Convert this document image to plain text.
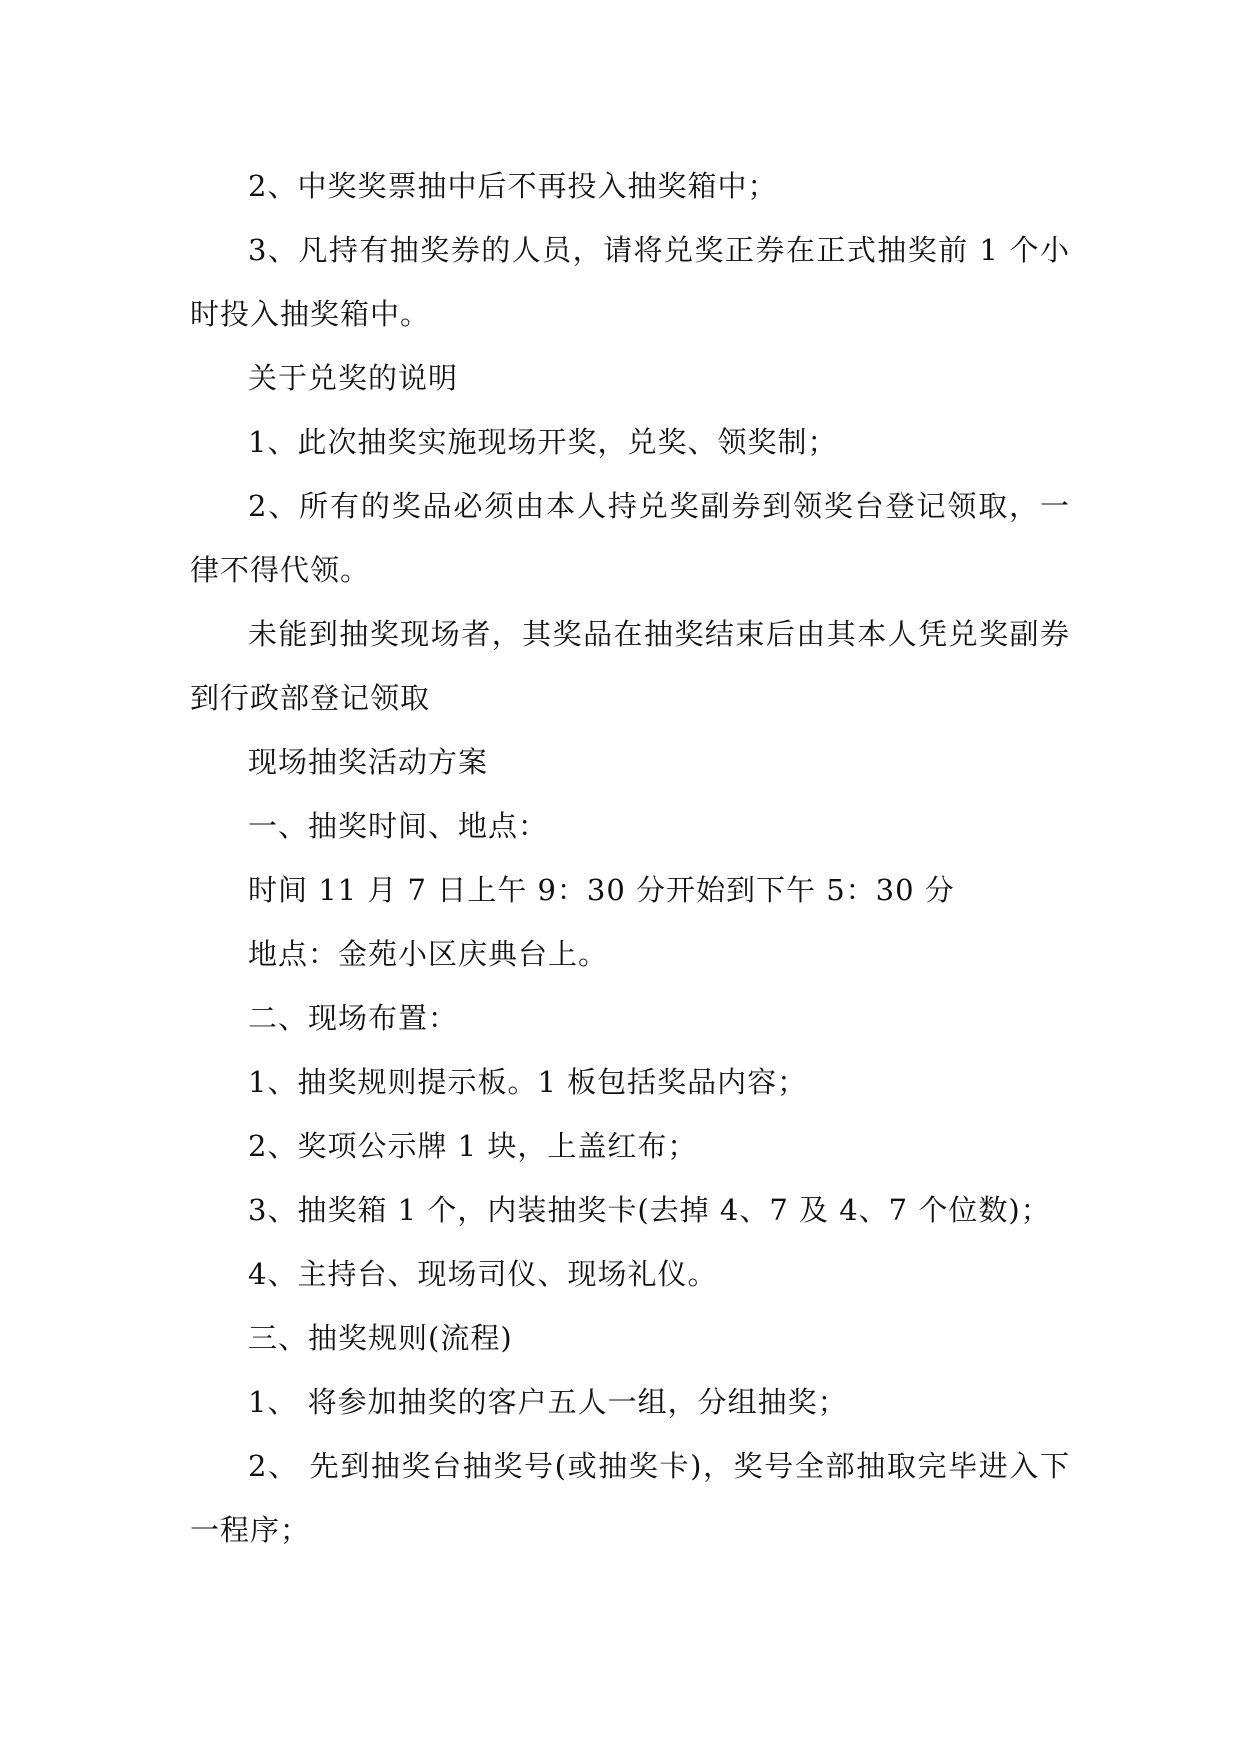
2、中奖奖票抽中后不再投入抽奖箱中；

3、凡持有抽奖券的人员，请将兑奖正券在正式抽奖前 1 个小时投入抽奖箱中。

关于兑奖的说明

1、此次抽奖实施现场开奖，兑奖、领奖制；

2、所有的奖品必须由本人持兑奖副券到领奖台登记领取，一律不得代领。

未能到抽奖现场者，其奖品在抽奖结束后由其本人凭兑奖副券到行政部登记领取

现场抽奖活动方案

一、抽奖时间、地点：

时间 11 月 7 日上午 9：30 分开始到下午 5：30 分

地点：金苑小区庆典台上。

二、现场布置：

1、抽奖规则提示板。1 板包括奖品内容；

2、奖项公示牌 1 块，上盖红布；

3、抽奖箱 1 个，内装抽奖卡(去掉 4、7 及 4、7 个位数)；

4、主持台、现场司仪、现场礼仪。

三、抽奖规则(流程)

1、 将参加抽奖的客户五人一组，分组抽奖；

2、 先到抽奖台抽奖号(或抽奖卡)，奖号全部抽取完毕进入下一程序；
